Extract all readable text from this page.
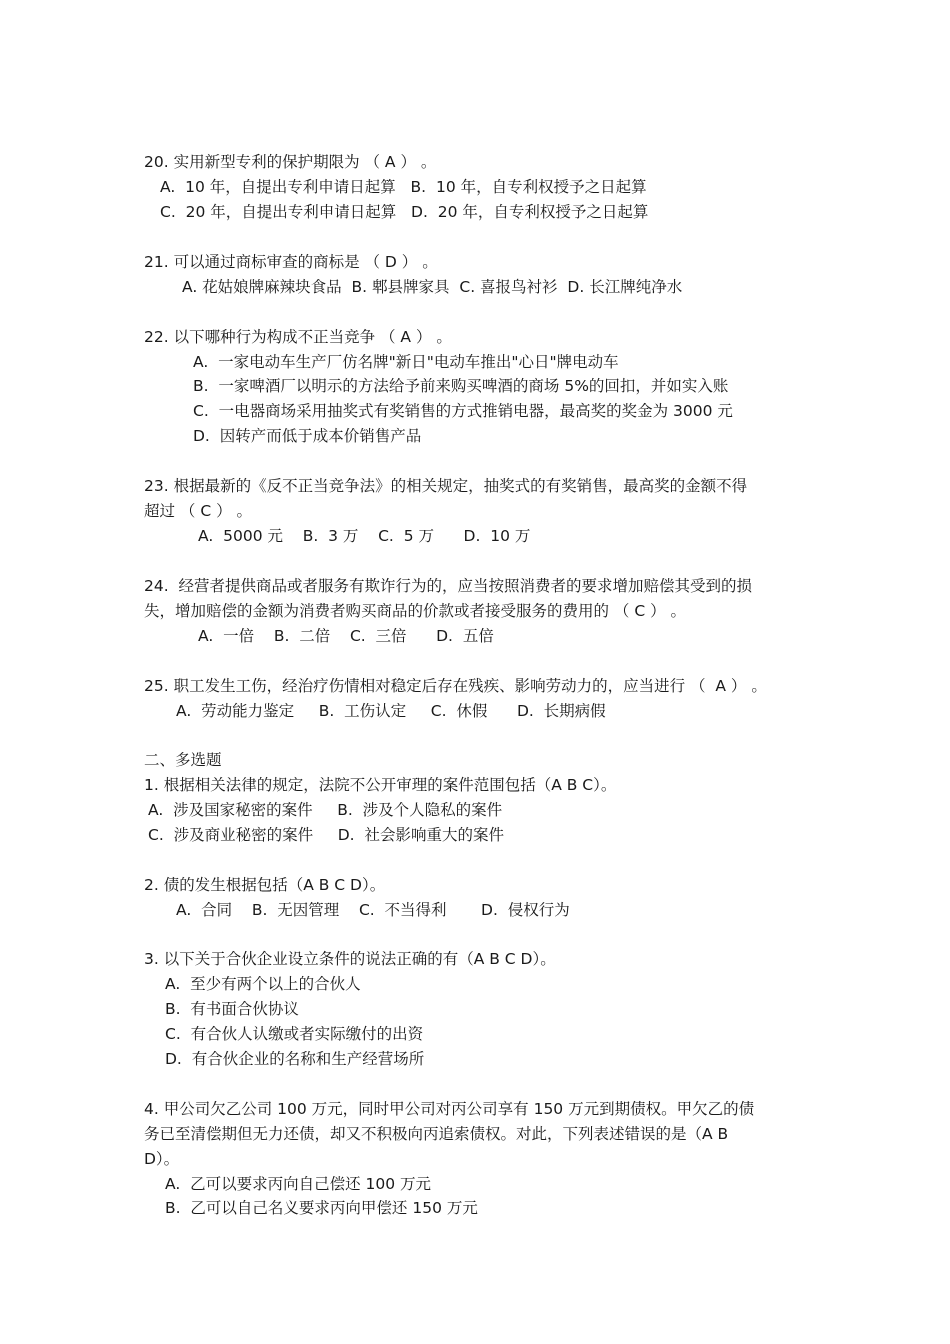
20. 实用新型专利的保护期限为 （ A ） 。
A.  10 年，自提出专利申请日起算   B.  10 年，自专利权授予之日起算
C.  20 年，自提出专利申请日起算   D.  20 年，自专利权授予之日起算
21. 可以通过商标审查的商标是 （ D ） 。
A. 花姑娘牌麻辣块食品  B. 郫县牌家具  C. 喜报鸟衬衫  D. 长江牌纯净水
22. 以下哪种行为构成不正当竞争 （ A ） 。
A.  一家电动车生产厂仿名牌"新日"电动车推出"心日"牌电动车
B.  一家啤酒厂以明示的方法给予前来购买啤酒的商场 5%的回扣，并如实入账
C.  一电器商场采用抽奖式有奖销售的方式推销电器，最高奖的奖金为 3000 元
D.  因转产而低于成本价销售产品
23. 根据最新的《反不正当竞争法》的相关规定，抽奖式的有奖销售，最高奖的金额不得
超过 （ C ） 。
A.  5000 元    B.  3 万    C.  5 万      D.  10 万
24.  经营者提供商品或者服务有欺诈行为的，应当按照消费者的要求增加赔偿其受到的损
失，增加赔偿的金额为消费者购买商品的价款或者接受服务的费用的 （ C ） 。
A.  一倍    B.  二倍    C.  三倍      D.  五倍
25. 职工发生工伤，经治疗伤情相对稳定后存在残疾、影响劳动力的，应当进行 （  A ） 。
A.  劳动能力鉴定     B.  工伤认定     C.  休假      D.  长期病假
二、多选题
1. 根据相关法律的规定，法院不公开审理的案件范围包括（A B C）。
A.  涉及国家秘密的案件     B.  涉及个人隐私的案件
C.  涉及商业秘密的案件     D.  社会影响重大的案件
2. 债的发生根据包括（A B C D）。
A.  合同    B.  无因管理    C.  不当得利       D.  侵权行为
3. 以下关于合伙企业设立条件的说法正确的有（A B C D）。
A.  至少有两个以上的合伙人
B.  有书面合伙协议
C.  有合伙人认缴或者实际缴付的出资
D.  有合伙企业的名称和生产经营场所
4. 甲公司欠乙公司 100 万元，同时甲公司对丙公司享有 150 万元到期债权。甲欠乙的债
务已至清偿期但无力还债，却又不积极向丙追索债权。对此，下列表述错误的是（A B
D）。
A.  乙可以要求丙向自己偿还 100 万元
B.  乙可以自己名义要求丙向甲偿还 150 万元
